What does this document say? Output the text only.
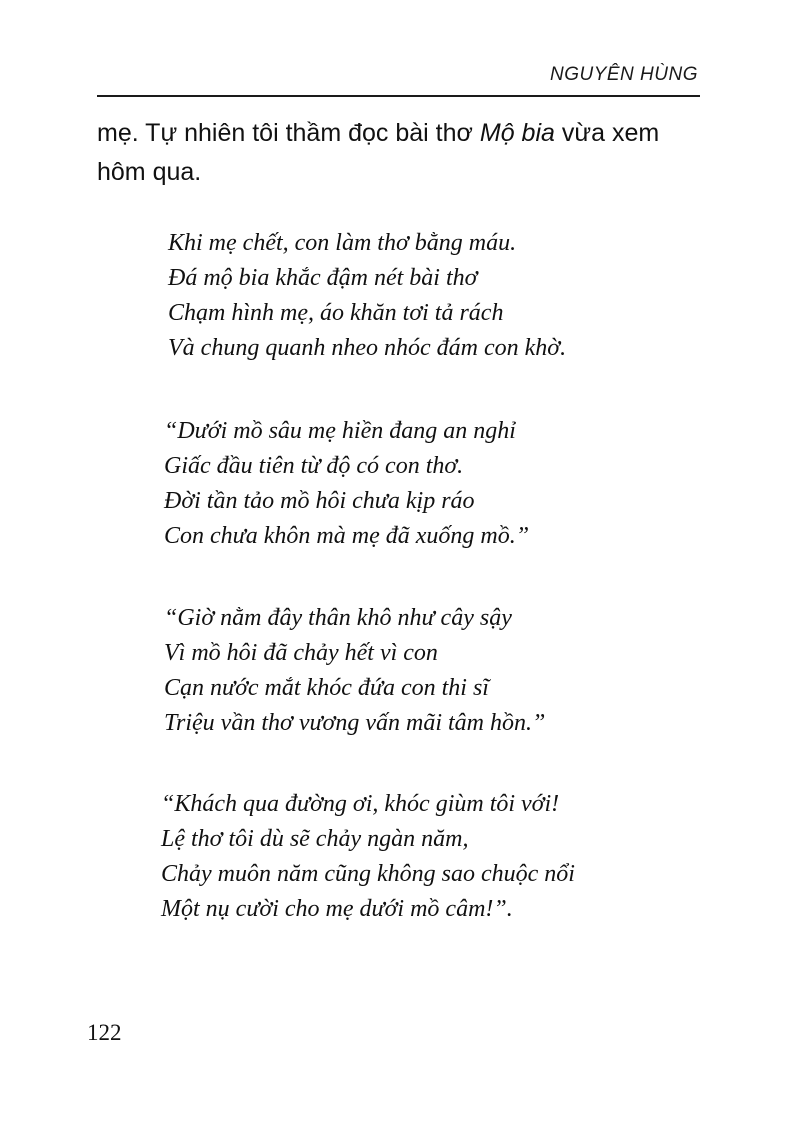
NGUYÊN HÙNG

mẹ. Tự nhiên tôi thầm đọc bài thơ Mộ bia vừa xem

hôm qua.

Khi mẹ chết, con làm thơ bằng máu.
Đá mộ bia khắc đậm nét bài thơ
Chạm hình mẹ, áo khăn tơi tả rách
Và chung quanh nheo nhóc đám con khờ.
“Dưới mồ sâu mẹ hiền đang an nghỉ
Giấc đầu tiên từ độ có con thơ.
Đời tần tảo mồ hôi chưa kịp ráo
Con chưa khôn mà mẹ đã xuống mồ.”
“Giờ nằm đây thân khô như cây sậy
Vì mồ hôi đã chảy hết vì con
Cạn nước mắt khóc đứa con thi sĩ
Triệu vần thơ vương vấn mãi tâm hồn.”
“Khách qua đường ơi, khóc giùm tôi với!
Lệ thơ tôi dù sẽ chảy ngàn năm,
Chảy muôn năm cũng không sao chuộc nổi
Một nụ cười cho mẹ dưới mồ câm!”.
122
